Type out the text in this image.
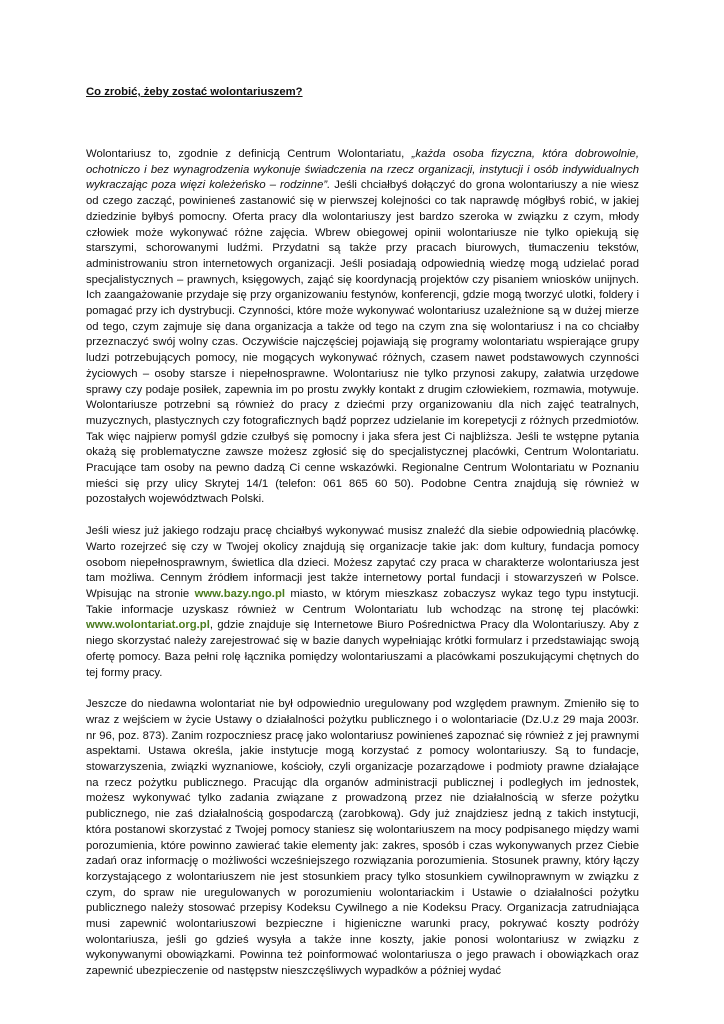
Co zrobić, żeby zostać wolontariuszem?

Wolontariusz to, zgodnie z definicją Centrum Wolontariatu, „każda osoba fizyczna, która dobrowolnie, ochotniczo i bez wynagrodzenia wykonuje świadczenia na rzecz organizacji, instytucji i osób indywidualnych wykraczając poza więzi koleżeńsko – rodzinne”. Jeśli chciałbyś dołączyć do grona wolontariuszy a nie wiesz od czego zacząć, powinieneś zastanowić się w pierwszej kolejności co tak naprawdę mógłbyś robić, w jakiej dziedzinie byłbyś pomocny. Oferta pracy dla wolontariuszy jest bardzo szeroka w związku z czym, młody człowiek może wykonywać różne zajęcia. Wbrew obiegowej opinii wolontariusze nie tylko opiekują się starszymi, schorowanymi ludźmi. Przydatni są także przy pracach biurowych, tłumaczeniu tekstów, administrowaniu stron internetowych organizacji. Jeśli posiadają odpowiednią wiedzę mogą udzielać porad specjalistycznych – prawnych, księgowych, zająć się koordynacją projektów czy pisaniem wniosków unijnych. Ich zaangażowanie przydaje się przy organizowaniu festynów, konferencji, gdzie mogą tworzyć ulotki, foldery i pomagać przy ich dystrybucji. Czynności, które może wykonywać wolontariusz uzależnione są w dużej mierze od tego, czym zajmuje się dana organizacja a także od tego na czym zna się wolontariusz i na co chciałby przeznaczyć swój wolny czas. Oczywiście najczęściej pojawiają się programy wolontariatu wspierające grupy ludzi potrzebujących pomocy, nie mogących wykonywać różnych, czasem nawet podstawowych czynności życiowych – osoby starsze i niepełnosprawne. Wolontariusz nie tylko przynosi zakupy, załatwia urzędowe sprawy czy podaje posiłek, zapewnia im po prostu zwykły kontakt z drugim człowiekiem, rozmawia, motywuje. Wolontariusze potrzebni są również do pracy z dziećmi przy organizowaniu dla nich zajęć teatralnych, muzycznych, plastycznych czy fotograficznych bądź poprzez udzielanie im korepetycji z różnych przedmiotów. Tak więc najpierw pomyśl gdzie czułbyś się pomocny i jaka sfera jest Ci najbliższa. Jeśli te wstępne pytania okażą się problematyczne zawsze możesz zgłosić się do specjalistycznej placówki, Centrum Wolontariatu. Pracujące tam osoby na pewno dadzą Ci cenne wskazówki. Regionalne Centrum Wolontariatu w Poznaniu mieści się przy ulicy Skrytej 14/1 (telefon: 061 865 60 50). Podobne Centra znajdują się również w pozostałych województwach Polski.

Jeśli wiesz już jakiego rodzaju pracę chciałbyś wykonywać musisz znaleźć dla siebie odpowiednią placówkę. Warto rozejrzeć się czy w Twojej okolicy znajdują się organizacje takie jak: dom kultury, fundacja pomocy osobom niepełnosprawnym, świetlica dla dzieci. Możesz zapytać czy praca w charakterze wolontariusza jest tam możliwa. Cennym źródłem informacji jest także internetowy portal fundacji i stowarzyszeń w Polsce. Wpisując na stronie www.bazy.ngo.pl miasto, w którym mieszkasz zobaczysz wykaz tego typu instytucji. Takie informacje uzyskasz również w Centrum Wolontariatu lub wchodząc na stronę tej placówki: www.wolontariat.org.pl, gdzie znajduje się Internetowe Biuro Pośrednictwa Pracy dla Wolontariuszy. Aby z niego skorzystać należy zarejestrować się w bazie danych wypełniając krótki formularz i przedstawiając swoją ofertę pomocy. Baza pełni rolę łącznika pomiędzy wolontariuszami a placówkami poszukującymi chętnych do tej formy pracy.

Jeszcze do niedawna wolontariat nie był odpowiednio uregulowany pod względem prawnym. Zmieniło się to wraz z wejściem w życie Ustawy o działalności pożytku publicznego i o wolontariacie (Dz.U.z 29 maja 2003r. nr 96, poz. 873). Zanim rozpoczniesz pracę jako wolontariusz powinieneś zapoznać się również z jej prawnymi aspektami. Ustawa określa, jakie instytucje mogą korzystać z pomocy wolontariuszy. Są to fundacje, stowarzyszenia, związki wyznaniowe, kościoły, czyli organizacje pozarządowe i podmioty prawne działające na rzecz pożytku publicznego. Pracując dla organów administracji publicznej i podległych im jednostek, możesz wykonywać tylko zadania związane z prowadzoną przez nie działalnością w sferze pożytku publicznego, nie zaś działalnością gospodarczą (zarobkową). Gdy już znajdziesz jedną z takich instytucji, która postanowi skorzystać z Twojej pomocy staniesz się wolontariuszem na mocy podpisanego między wami porozumienia, które powinno zawierać takie elementy jak: zakres, sposób i czas wykonywanych przez Ciebie zadań oraz informację o możliwości wcześniejszego rozwiązania porozumienia. Stosunek prawny, który łączy korzystającego z wolontariuszem nie jest stosunkiem pracy tylko stosunkiem cywilnoprawnym w związku z czym, do spraw nie uregulowanych w porozumieniu wolontariackim i Ustawie o działalności pożytku publicznego należy stosować przepisy Kodeksu Cywilnego a nie Kodeksu Pracy. Organizacja zatrudniająca musi zapewnić wolontariuszowi bezpieczne i higieniczne warunki pracy, pokrywać koszty podróży wolontariusza, jeśli go gdzieś wysyła a także inne koszty, jakie ponosi wolontariusz w związku z wykonywanymi obowiązkami. Powinna też poinformować wolontariusza o jego prawach i obowiązkach oraz zapewnić ubezpieczenie od następstw nieszczęśliwych wypadków a później wydać
